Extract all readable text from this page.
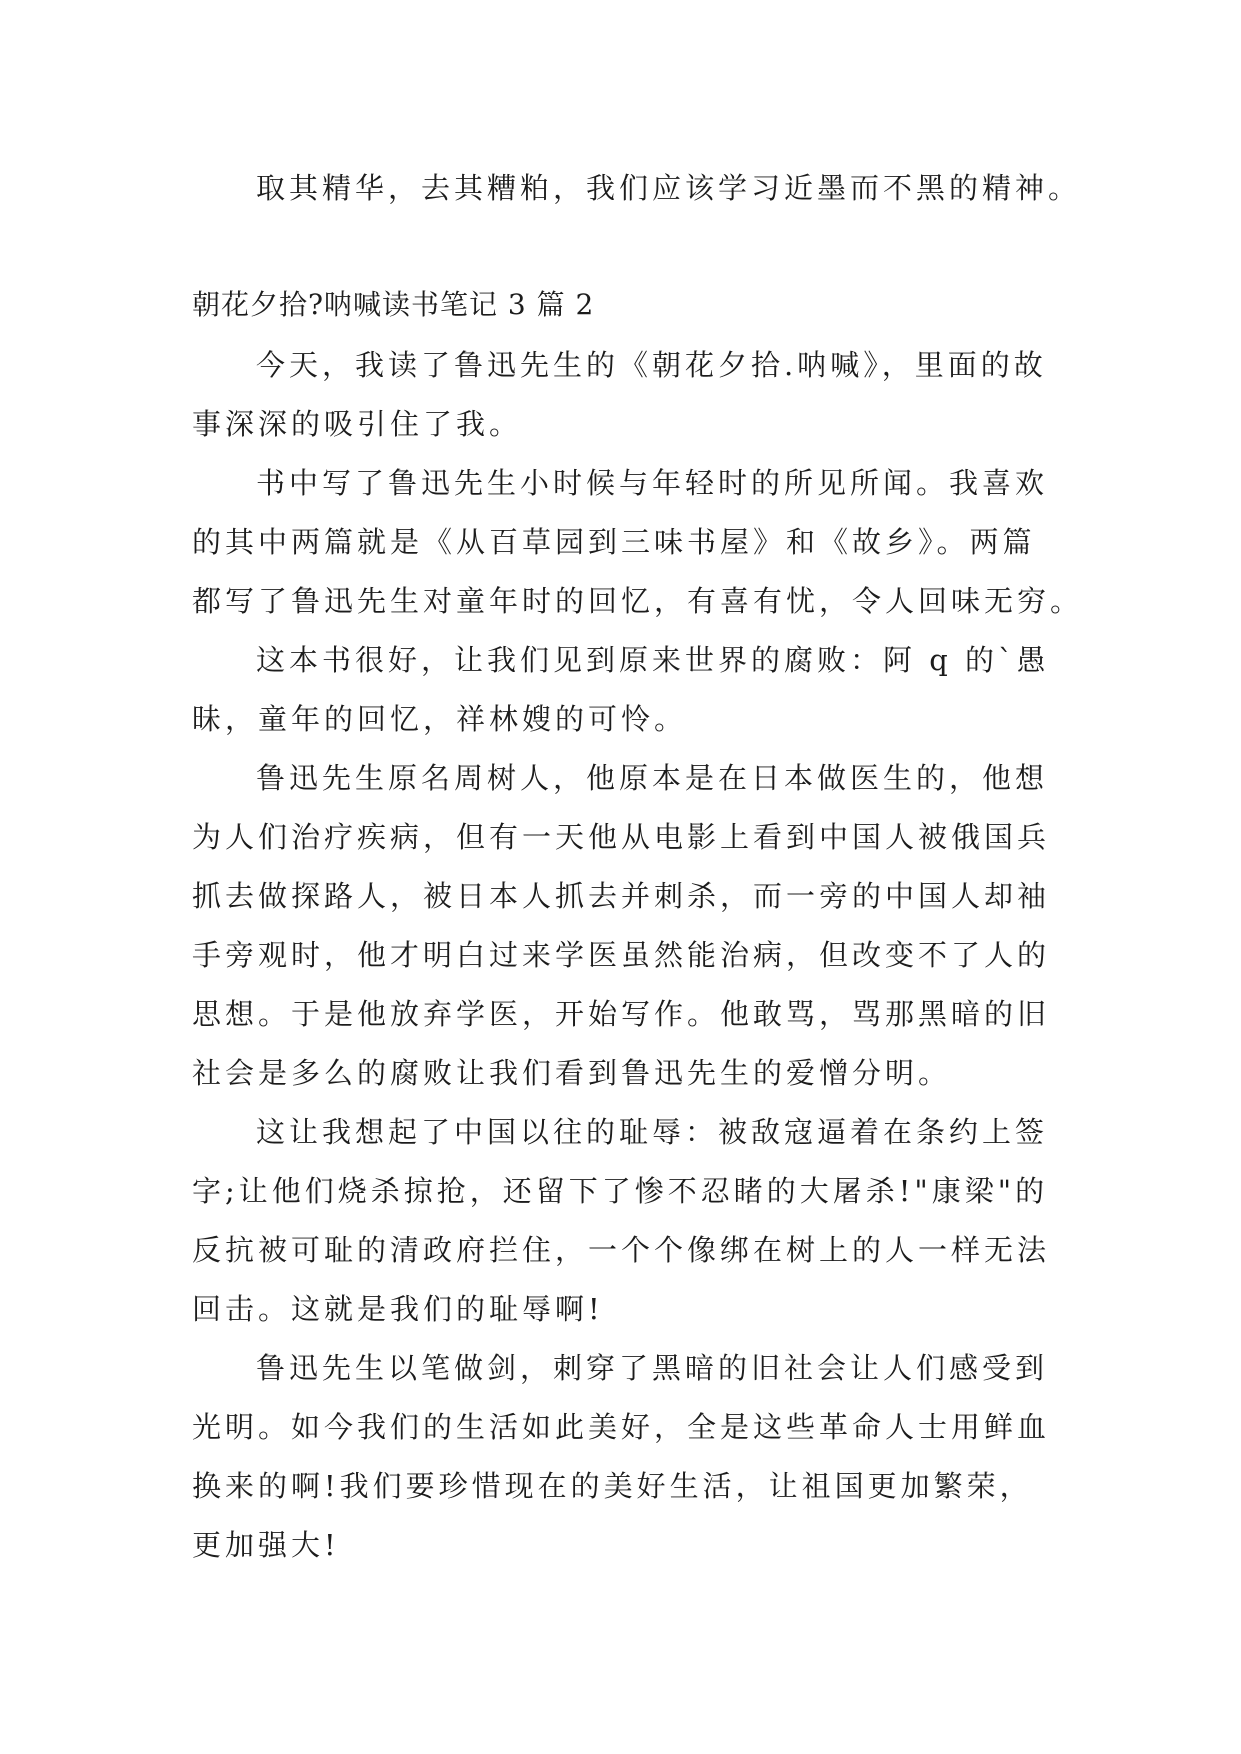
取其精华，去其糟粕，我们应该学习近墨而不黑的精神。
朝花夕拾?呐喊读书笔记 3 篇 2
今天，我读了鲁迅先生的《朝花夕拾.呐喊》，里面的故
事深深的吸引住了我。
书中写了鲁迅先生小时候与年轻时的所见所闻。我喜欢
的其中两篇就是《从百草园到三味书屋》和《故乡》。两篇
都写了鲁迅先生对童年时的回忆，有喜有忧，令人回味无穷。
这本书很好，让我们见到原来世界的腐败：阿 q 的`愚
昧，童年的回忆，祥林嫂的可怜。
鲁迅先生原名周树人，他原本是在日本做医生的，他想
为人们治疗疾病，但有一天他从电影上看到中国人被俄国兵
抓去做探路人，被日本人抓去并刺杀，而一旁的中国人却袖
手旁观时，他才明白过来学医虽然能治病，但改变不了人的
思想。于是他放弃学医，开始写作。他敢骂，骂那黑暗的旧
社会是多么的腐败让我们看到鲁迅先生的爱憎分明。
这让我想起了中国以往的耻辱：被敌寇逼着在条约上签
字;让他们烧杀掠抢，还留下了惨不忍睹的大屠杀!"康梁"的
反抗被可耻的清政府拦住，一个个像绑在树上的人一样无法
回击。这就是我们的耻辱啊!
鲁迅先生以笔做剑，刺穿了黑暗的旧社会让人们感受到
光明。如今我们的生活如此美好，全是这些革命人士用鲜血
换来的啊!我们要珍惜现在的美好生活，让祖国更加繁荣，
更加强大!
